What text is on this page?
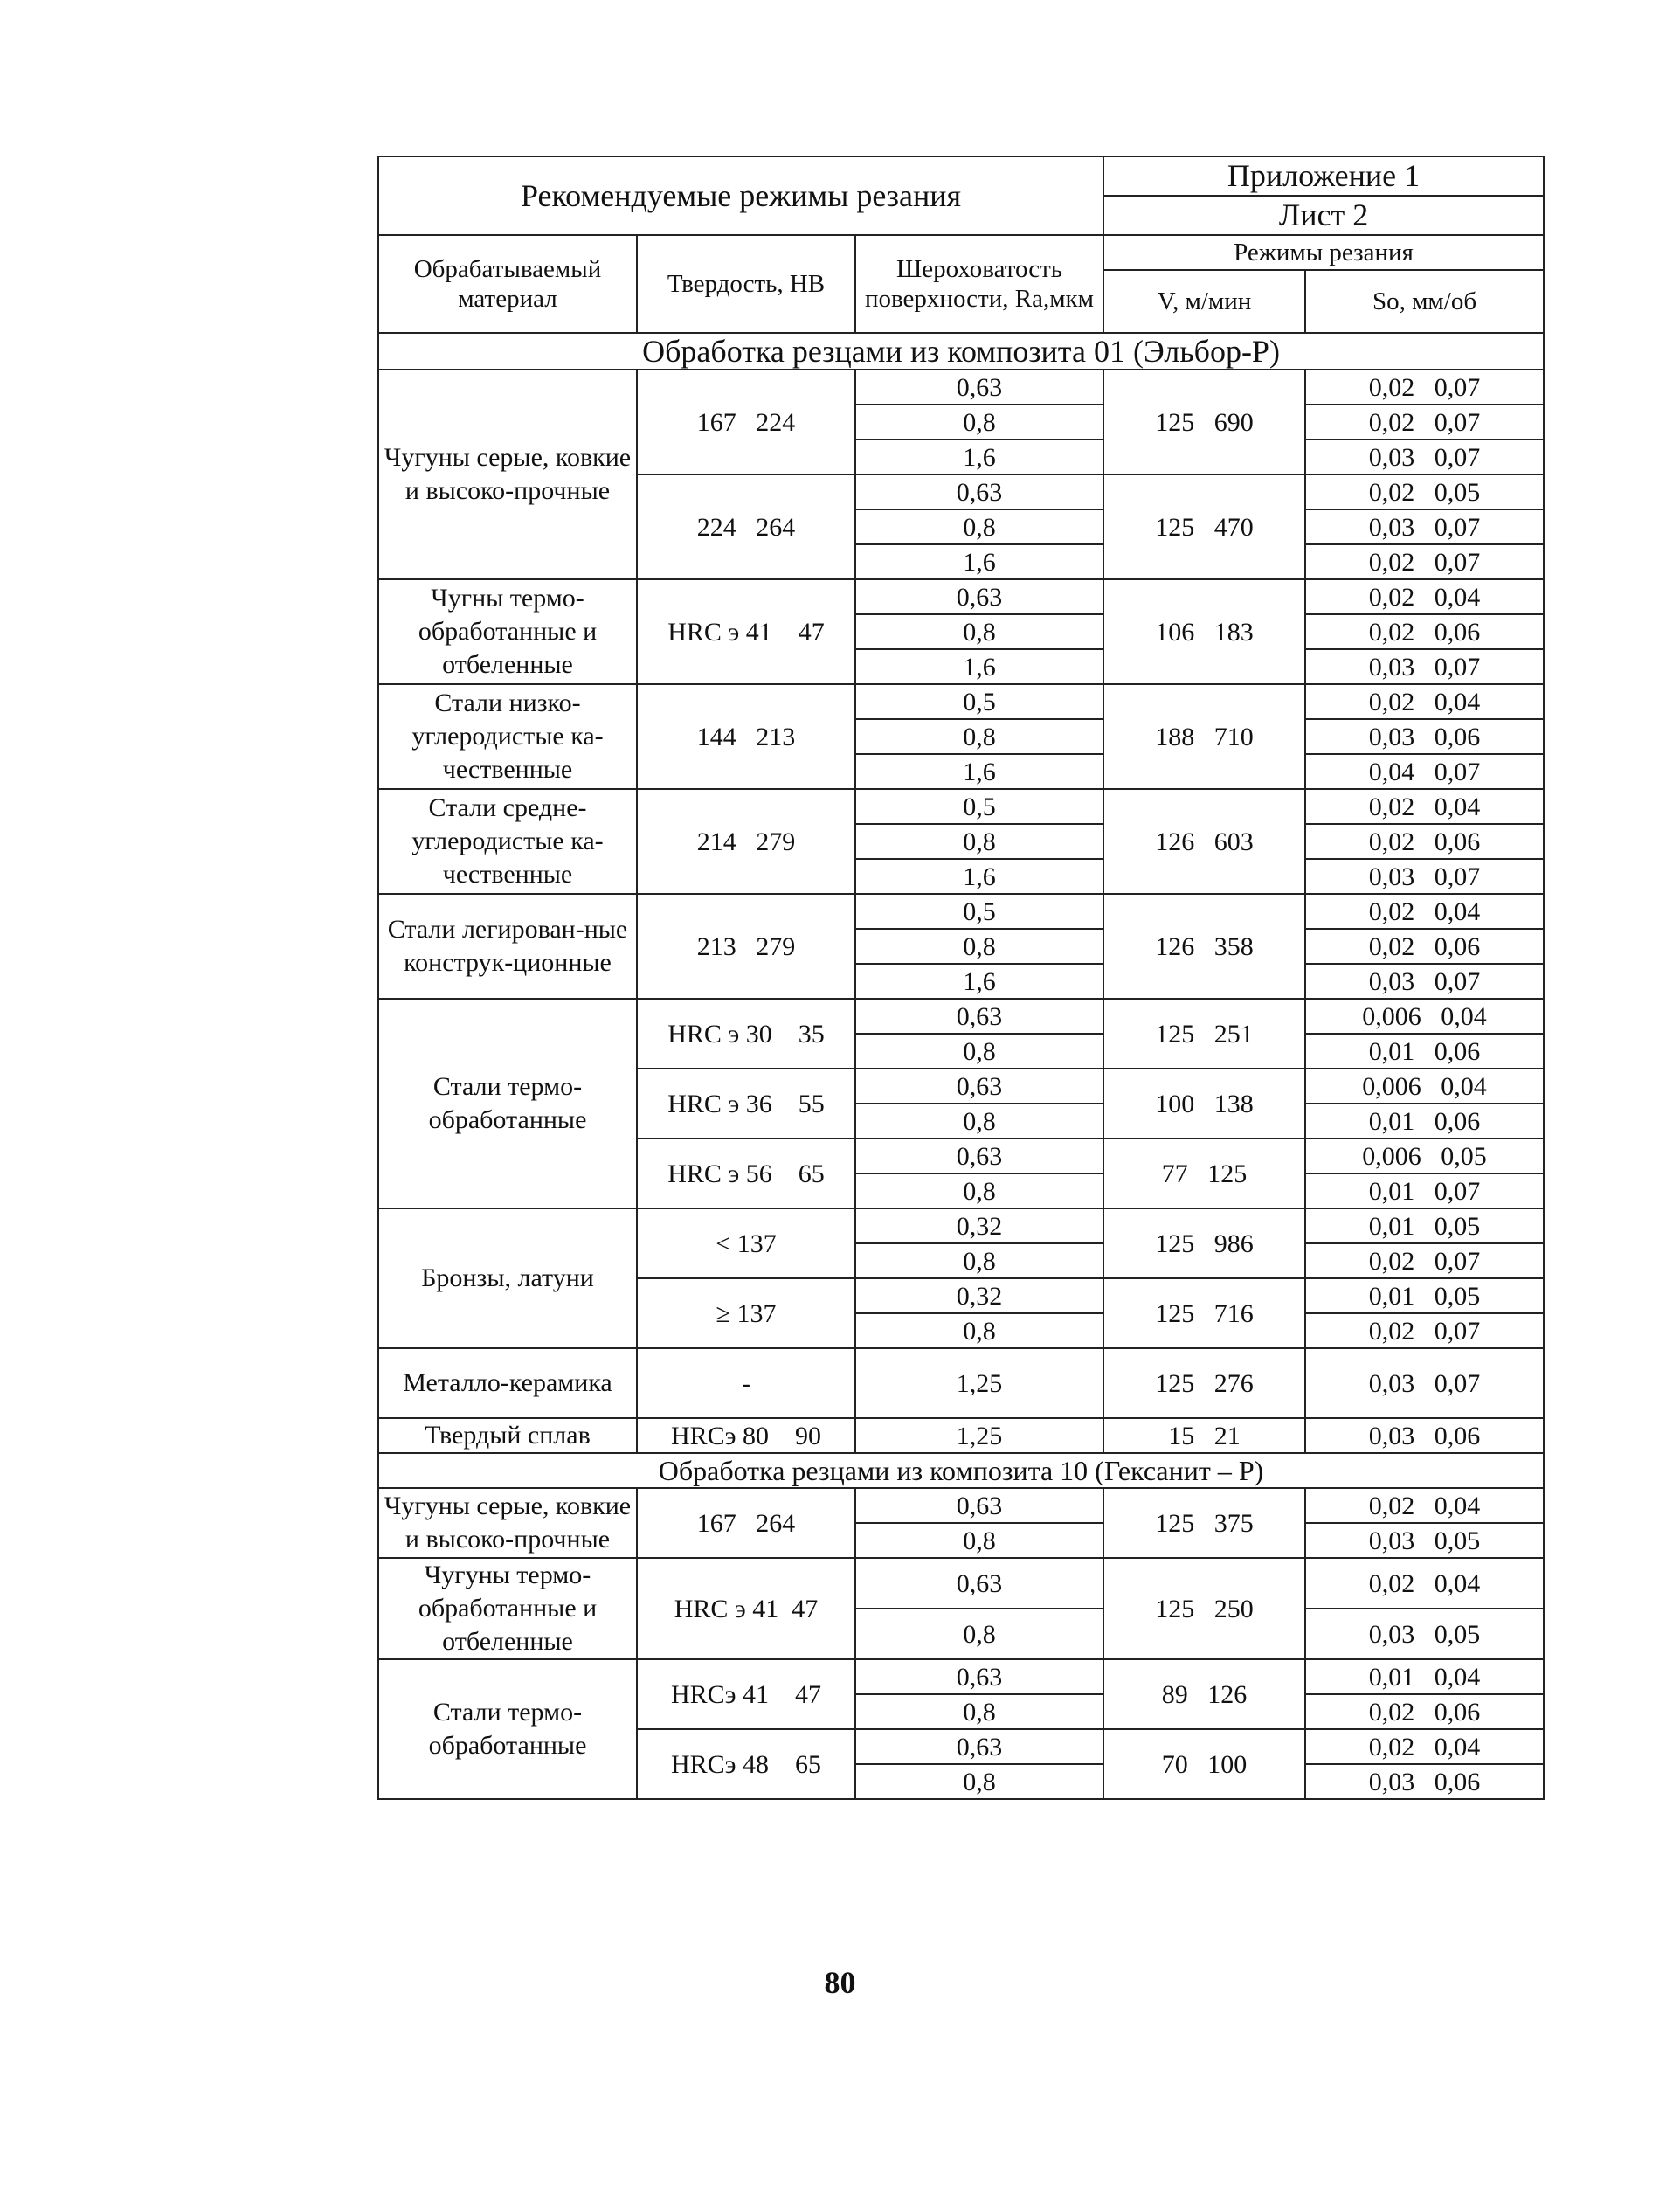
Рекомендуемые режимы резания			Приложение 1	
			Лист 2	
Обрабатываемый материал	Твердость, НВ	Шероховатость поверхности, Ra,мкм	Режимы резания	
			V, м/мин	So, мм/об
Обработка резцами из композита 01 (Эльбор-Р)				
Чугуны серые, ковкие и высоко-прочные	167   224	0,63	125   690	0,02   0,07
		0,8		0,02   0,07
		1,6		0,03   0,07
	224   264	0,63	125   470	0,02   0,05
		0,8		0,03   0,07
		1,6		0,02   0,07
Чугны термо-обработанные и отбеленные	HRC э 41    47	0,63	106   183	0,02   0,04
		0,8		0,02   0,06
		1,6		0,03   0,07
Стали низко-углеродистые ка-чественные	144   213	0,5	188   710	0,02   0,04
		0,8		0,03   0,06
		1,6		0,04   0,07
Стали средне-углеродистые ка-чественные	214   279	0,5	126   603	0,02   0,04
		0,8		0,02   0,06
		1,6		0,03   0,07
Стали легирован-ные конструк-ционные	213   279	0,5	126   358	0,02   0,04
		0,8		0,02   0,06
		1,6		0,03   0,07
Стали термо-обработанные	HRC э 30    35	0,63	125   251	0,006   0,04
		0,8		0,01   0,06
	HRC э 36    55	0,63	100   138	0,006   0,04
		0,8		0,01   0,06
	HRC э 56    65	0,63	77   125	0,006   0,05
		0,8		0,01   0,07
Бронзы, латуни	< 137	0,32	125   986	0,01   0,05
		0,8		0,02   0,07
	≥ 137	0,32	125   716	0,01   0,05
		0,8		0,02   0,07
Металло-керамика	-	1,25	125   276	0,03   0,07
Твердый сплав	HRCэ 80    90	1,25	15   21	0,03   0,06
Обработка резцами из композита 10 (Гексанит – Р)				
Чугуны серые, ковкие и высоко-прочные	167   264	0,63	125   375	0,02   0,04
		0,8		0,03   0,05
Чугуны термо-обработанные и отбеленные	HRC э 41  47	0,63	125   250	0,02   0,04
		0,8		0,03   0,05
Стали термо-обработанные	HRCэ 41    47	0,63	89   126	0,01   0,04
		0,8		0,02   0,06
	HRCэ 48    65	0,63	70   100	0,02   0,04
		0,8		0,03   0,06
80
